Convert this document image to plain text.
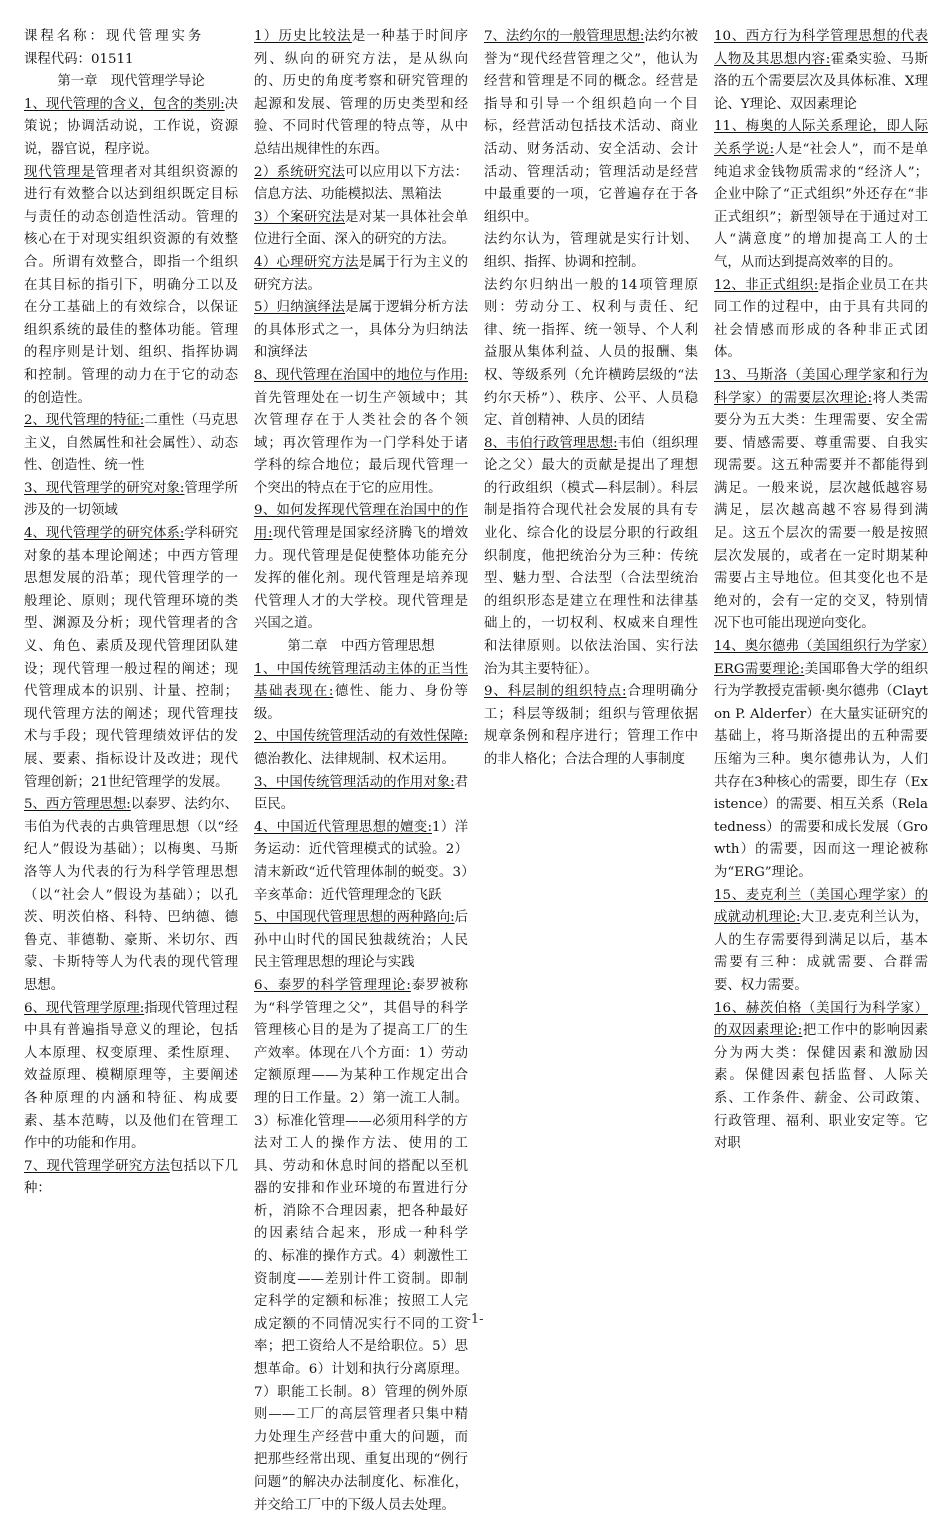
课程名称：现代管理实务

课程代码：01511

第一章　现代管理学导论

1、现代管理的含义，包含的类别:决策说；协调活动说，工作说，资源说，器官说，程序说。

现代管理是管理者对其组织资源的进行有效整合以达到组织既定目标与责任的动态创造性活动。管理的核心在于对现实组织资源的有效整合。所谓有效整合，即指一个组织在其目标的指引下，明确分工以及在分工基础上的有效综合，以保证组织系统的最佳的整体功能。管理的程序则是计划、组织、指挥协调和控制。管理的动力在于它的动态的创造性。

2、现代管理的特征:二重性（马克思主义，自然属性和社会属性）、动态性、创造性、统一性

3、现代管理学的研究对象:管理学所涉及的一切领域

4、现代管理学的研究体系:学科研究对象的基本理论阐述；中西方管理思想发展的沿革；现代管理学的一般理论、原则；现代管理环境的类型、渊源及分析；现代管理者的含义、角色、素质及现代管理团队建设；现代管理一般过程的阐述；现代管理成本的识别、计量、控制；现代管理方法的阐述；现代管理技术与手段；现代管理绩效评估的发展、要素、指标设计及改进；现代管理创新；21世纪管理学的发展。

5、西方管理思想:以泰罗、法约尔、韦伯为代表的古典管理思想（以“经纪人”假设为基础）；以梅奥、马斯洛等人为代表的行为科学管理思想（以“社会人”假设为基础）；以孔茨、明茨伯格、科特、巴纳德、德鲁克、菲德勒、豪斯、米切尔、西蒙、卡斯特等人为代表的现代管理思想。

6、现代管理学原理:指现代管理过程中具有普遍指导意义的理论，包括人本原理、权变原理、柔性原理、效益原理、模糊原理等，主要阐述各种原理的内涵和特征、构成要素、基本范畴，以及他们在管理工作中的功能和作用。

7、现代管理学研究方法包括以下几种：

1）历史比较法是一种基于时间序列、纵向的研究方法，是从纵向的、历史的角度考察和研究管理的起源和发展、管理的历史类型和经验、不同时代管理的特点等，从中总结出规律性的东西。

2）系统研究法可以应用以下方法：信息方法、功能模拟法、黑箱法

3）个案研究法是对某一具体社会单位进行全面、深入的研究的方法。

4）心理研究方法是属于行为主义的研究方法。

5）归纳演绎法是属于逻辑分析方法的具体形式之一，具体分为归纳法和演绎法

8、现代管理在治国中的地位与作用:首先管理处在一切生产领域中；其次管理存在于人类社会的各个领域；再次管理作为一门学科处于诸学科的综合地位；最后现代管理一个突出的特点在于它的应用性。

9、如何发挥现代管理在治国中的作用:现代管理是国家经济腾飞的增效力。现代管理是促使整体功能充分发挥的催化剂。现代管理是培养现代管理人才的大学校。现代管理是兴国之道。

第二章　中西方管理思想

1、中国传统管理活动主体的正当性基础表现在:德性、能力、身份等级。

2、中国传统管理活动的有效性保障:德治教化、法律规制、权术运用。

3、中国传统管理活动的作用对象:君臣民。

4、中国近代管理思想的嬗变:1）洋务运动：近代管理模式的试验。2）清末新政“近代管理体制的蜕变。3）辛亥革命：近代管理理念的飞跃

5、中国现代管理思想的两种路向:后孙中山时代的国民独裁统治；人民民主管理思想的理论与实践

6、泰罗的科学管理理论:泰罗被称为“科学管理之父”，其倡导的科学管理核心目的是为了提高工厂的生产效率。体现在八个方面：1）劳动定额原理——为某种工作规定出合理的日工作量。2）第一流工人制。3）标准化管理——必须用科学的方法对工人的操作方法、使用的工具、劳动和休息时间的搭配以至机器的安排和作业环境的布置进行分析，消除不合理因素，把各种最好的因素结合起来，形成一种科学的、标准的操作方式。4）刺激性工资制度——差别计件工资制。即制定科学的定额和标准；按照工人完成定额的不同情况实行不同的工资率；把工资给人不是给职位。5）思想革命。6）计划和执行分离原理。7）职能工长制。8）管理的例外原则——工厂的高层管理者只集中精力处理生产经营中重大的问题，而把那些经常出现、重复出现的“例行问题”的解决办法制度化、标准化，并交给工厂中的下级人员去处理。

7、法约尔的一般管理思想:法约尔被誉为“现代经营管理之父”，他认为经营和管理是不同的概念。经营是指导和引导一个组织趋向一个目标，经营活动包括技术活动、商业活动、财务活动、安全活动、会计活动、管理活动；管理活动是经营中最重要的一项，它普遍存在于各组织中。

法约尔认为，管理就是实行计划、组织、指挥、协调和控制。

法约尔归纳出一般的14项管理原则：劳动分工、权利与责任、纪律、统一指挥、统一领导、个人利益服从集体利益、人员的报酬、集权、等级系列（允许横跨层级的“法约尔天桥”）、秩序、公平、人员稳定、首创精神、人员的团结

8、韦伯行政管理思想:韦伯（组织理论之父）最大的贡献是提出了理想的行政组织（模式—科层制）。科层制是指符合现代社会发展的具有专业化、综合化的设层分职的行政组织制度，他把统治分为三种：传统型、魅力型、合法型（合法型统治的组织形态是建立在理性和法律基础上的，一切权利、权威来自理性和法律原则。以依法治国、实行法治为其主要特征）。

9、科层制的组织特点:合理明确分工；科层等级制；组织与管理依据规章条例和程序进行；管理工作中的非人格化；合法合理的人事制度

10、西方行为科学管理思想的代表人物及其思想内容:霍桑实验、马斯洛的五个需要层次及具体标准、X理论、Y理论、双因素理论

11、梅奥的人际关系理论，即人际关系学说:人是“社会人”，而不是单纯追求金钱物质需求的“经济人”；企业中除了“正式组织”外还存在“非正式组织”；新型领导在于通过对工人“满意度”的增加提高工人的士气，从而达到提高效率的目的。

12、非正式组织:是指企业员工在共同工作的过程中，由于具有共同的社会情感而形成的各种非正式团体。

13、马斯洛（美国心理学家和行为科学家）的需要层次理论:将人类需要分为五大类：生理需要、安全需要、情感需要、尊重需要、自我实现需要。这五种需要并不都能得到满足。一般来说，层次越低越容易满足，层次越高越不容易得到满足。这五个层次的需要一般是按照层次发展的，或者在一定时期某种需要占主导地位。但其变化也不是绝对的，会有一定的交叉，特别情况下也可能出现逆向变化。

14、奥尔德弗（美国组织行为学家）ERG需要理论:美国耶鲁大学的组织行为学教授克雷顿·奥尔德弗（Clayton P. Alderfer）在大量实证研究的基础上，将马斯洛提出的五种需要压缩为三种。奥尔德弗认为，人们共存在3种核心的需要，即生存（Existence）的需要、相互关系（Relatedness）的需要和成长发展（Growth）的需要，因而这一理论被称为“ERG”理论。

15、麦克利兰（美国心理学家）的成就动机理论:大卫.麦克利兰认为，人的生存需要得到满足以后，基本需要有三种：成就需要、合群需要、权力需要。

16、赫茨伯格（美国行为科学家）的双因素理论:把工作中的影响因素分为两大类：保健因素和激励因素。保健因素包括监督、人际关系、工作条件、薪金、公司政策、行政管理、福利、职业安定等。它对职

-1-
